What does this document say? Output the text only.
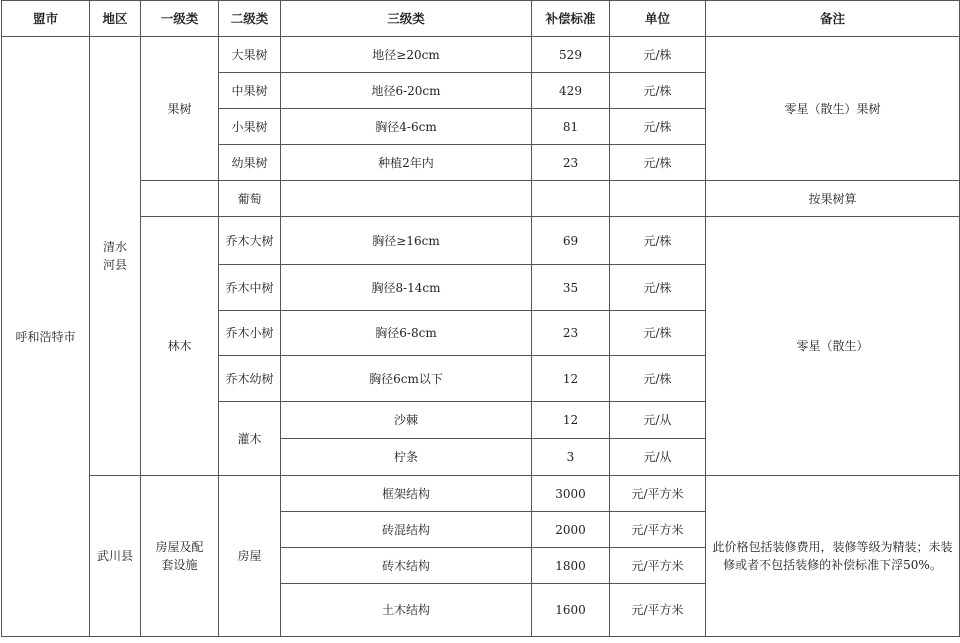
盟市	地区	一级类	二级类	三级类	补偿标准	单位	备注
呼和浩特市	清水河县	果树	大果树	地径≥20cm	529	元/株	零星（散生）果树
			中果树	地径6-20cm	429	元/株	
			小果树	胸径4-6cm	81	元/株	
			幼果树	种植2年内	23	元/株	
			葡萄				按果树算
		林木	乔木大树	胸径≥16cm	69	元/株	零星（散生）
			乔木中树	胸径8-14cm	35	元/株	
			乔木小树	胸径6-8cm	23	元/株	
			乔木幼树	胸径6cm以下	12	元/株	
			灌木	沙棘	12	元/从	
				柠条	3	元/从	
	武川县	房屋及配套设施	房屋	框架结构	3000	元/平方米	此价格包括装修费用，装修等级为精装；未装修或者不包括装修的补偿标准下浮50%。
				砖混结构	2000	元/平方米	
				砖木结构	1800	元/平方米	
				土木结构	1600	元/平方米	
